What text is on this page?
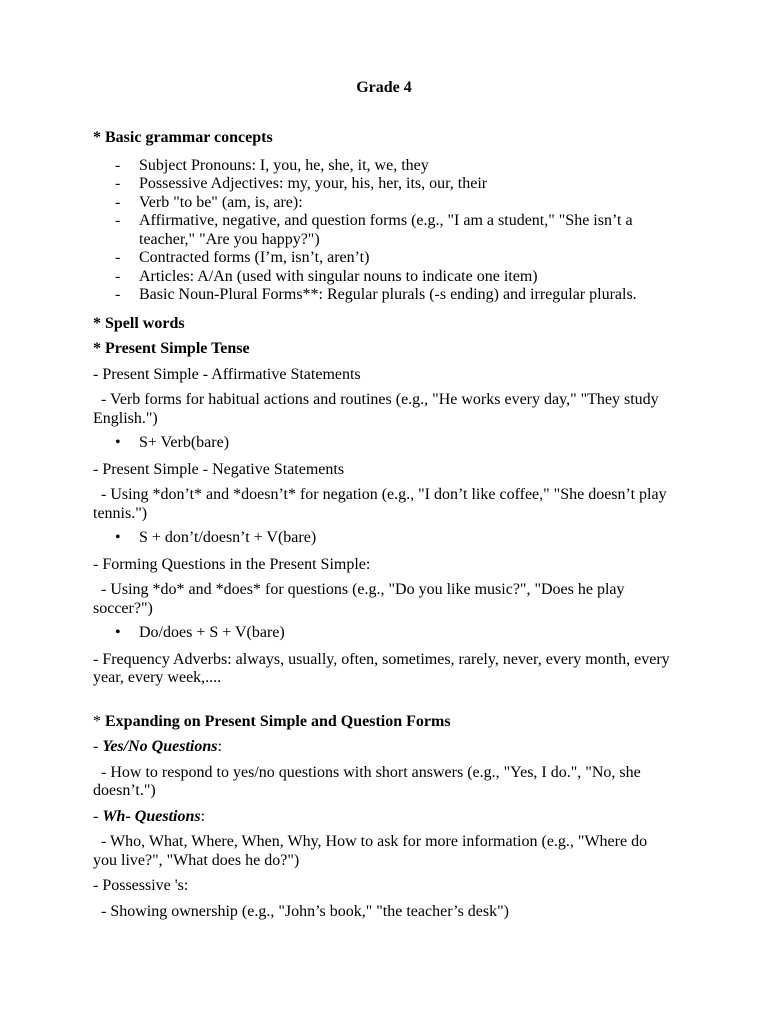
Grade 4

* Basic grammar concepts

- Subject Pronouns: I, you, he, she, it, we, they
- Possessive Adjectives: my, your, his, her, its, our, their
- Verb "to be" (am, is, are):
- Affirmative, negative, and question forms (e.g., "I am a student," "She isn’t a teacher," "Are you happy?")
- Contracted forms (I’m, isn’t, aren’t)
- Articles: A/An (used with singular nouns to indicate one item)
- Basic Noun-Plural Forms**: Regular plurals (-s ending) and irregular plurals.

* Spell words

* Present Simple Tense

- Present Simple - Affirmative Statements

- Verb forms for habitual actions and routines (e.g., "He works every day," "They study English.")

• S+ Verb(bare)

- Present Simple - Negative Statements

- Using *don’t* and *doesn’t* for negation (e.g., "I don’t like coffee," "She doesn’t play tennis.")

• S + don’t/doesn’t + V(bare)

- Forming Questions in the Present Simple:

- Using *do* and *does* for questions (e.g., "Do you like music?", "Does he play soccer?")

• Do/does + S + V(bare)

- Frequency Adverbs: always, usually, often, sometimes, rarely, never, every month, every year, every week,....

* Expanding on Present Simple and Question Forms

- Yes/No Questions:

- How to respond to yes/no questions with short answers (e.g., "Yes, I do.", "No, she doesn’t.")

- Wh- Questions:

- Who, What, Where, When, Why, How to ask for more information (e.g., "Where do you live?", "What does he do?")

- Possessive 's:

- Showing ownership (e.g., "John’s book," "the teacher’s desk")
